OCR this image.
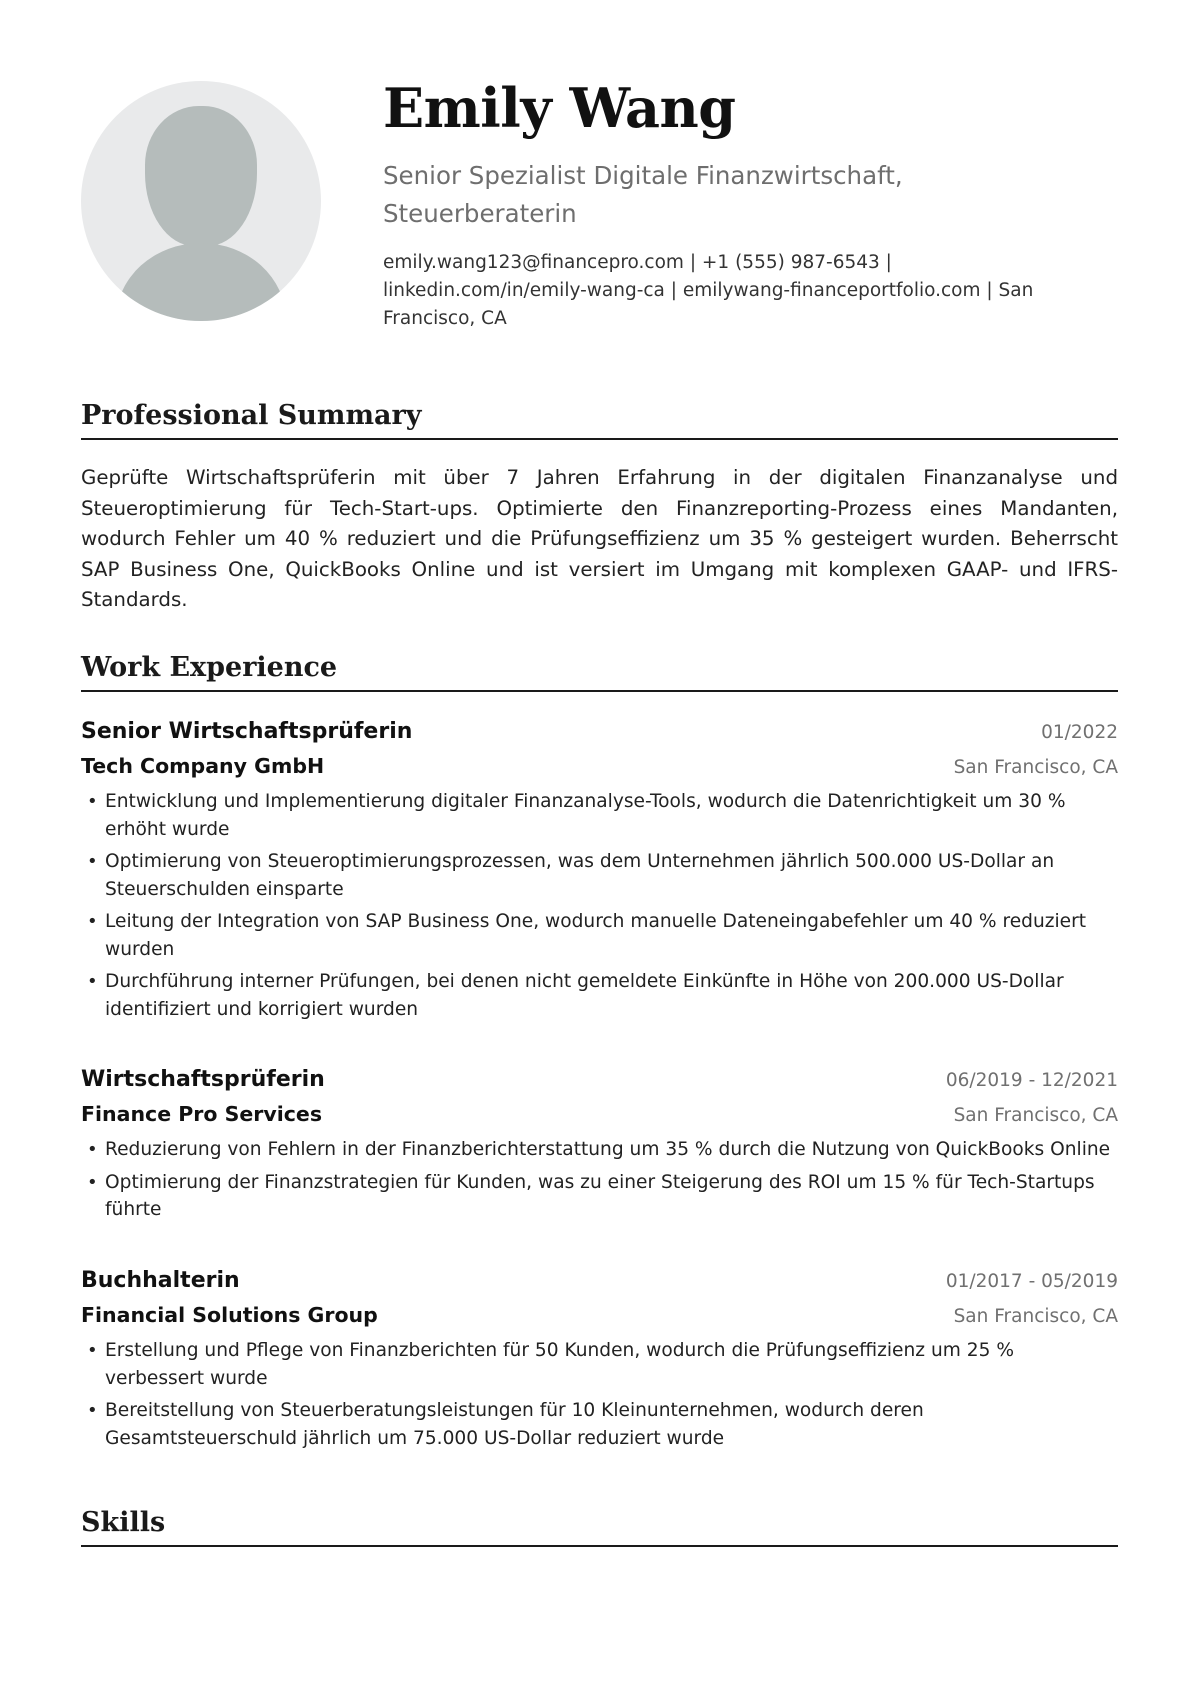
Emily Wang
Senior Spezialist Digitale Finanzwirtschaft, Steuerberaterin
emily.wang123@financepro.com | +1 (555) 987-6543 | linkedin.com/in/emily-wang-ca | emilywang-financeportfolio.com | San Francisco, CA
Professional Summary

Geprüfte Wirtschaftsprüferin mit über 7 Jahren Erfahrung in der digitalen Finanzanalyse und Steueroptimierung für Tech-Start-ups. Optimierte den Finanzreporting-Prozess eines Mandanten, wodurch Fehler um 40 % reduziert und die Prüfungseffizienz um 35 % gesteigert wurden. Beherrscht SAP Business One, QuickBooks Online und ist versiert im Umgang mit komplexen GAAP- und IFRS-Standards.

Work Experience
Senior Wirtschaftsprüferin	01/2022
Tech Company GmbH	San Francisco, CA
• Entwicklung und Implementierung digitaler Finanzanalyse-Tools, wodurch die Datenrichtigkeit um 30 % erhöht wurde
• Optimierung von Steueroptimierungsprozessen, was dem Unternehmen jährlich 500.000 US-Dollar an Steuerschulden einsparte
• Leitung der Integration von SAP Business One, wodurch manuelle Dateneingabefehler um 40 % reduziert wurden
• Durchführung interner Prüfungen, bei denen nicht gemeldete Einkünfte in Höhe von 200.000 US-Dollar identifiziert und korrigiert wurden
Wirtschaftsprüferin	06/2019 - 12/2021
Finance Pro Services	San Francisco, CA
• Reduzierung von Fehlern in der Finanzberichterstattung um 35 % durch die Nutzung von QuickBooks Online
• Optimierung der Finanzstrategien für Kunden, was zu einer Steigerung des ROI um 15 % für Tech-Startups führte
Buchhalterin	01/2017 - 05/2019
Financial Solutions Group	San Francisco, CA
• Erstellung und Pflege von Finanzberichten für 50 Kunden, wodurch die Prüfungseffizienz um 25 % verbessert wurde
• Bereitstellung von Steuerberatungsleistungen für 10 Kleinunternehmen, wodurch deren Gesamtsteuerschuld jährlich um 75.000 US-Dollar reduziert wurde
Skills
